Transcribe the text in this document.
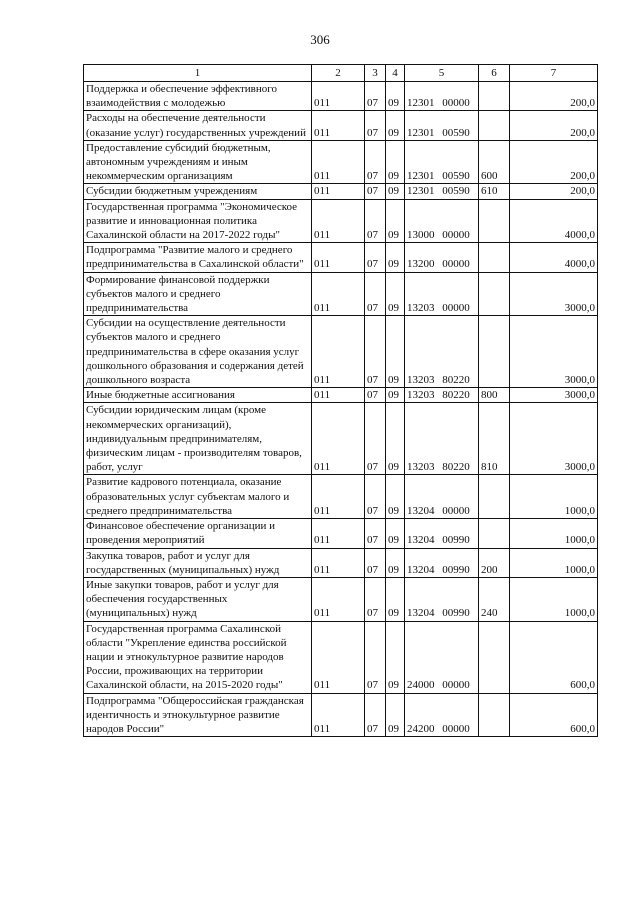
306
1	2	3	4	5	6	7
Поддержка и обеспечение эффективного взаимодействия с молодежью	011	07	09	12301 00000		200,0
Расходы на обеспечение деятельности (оказание услуг) государственных учреждений	011	07	09	12301 00590		200,0
Предоставление субсидий бюджетным, автономным учреждениям и иным некоммерческим организациям	011	07	09	12301 00590	600	200,0
Субсидии бюджетным учреждениям	011	07	09	12301 00590	610	200,0
Государственная программа "Экономическое развитие и инновационная политика Сахалинской области на 2017-2022 годы"	011	07	09	13000 00000		4000,0
Подпрограмма "Развитие малого и среднего предпринимательства в Сахалинской области"	011	07	09	13200 00000		4000,0
Формирование финансовой поддержки субъектов малого и среднего предпринимательства	011	07	09	13203 00000		3000,0
Субсидии на осуществление деятельности субъектов малого и среднего предпринимательства в сфере оказания услуг дошкольного образования и содержания детей дошкольного возраста	011	07	09	13203 80220		3000,0
Иные бюджетные ассигнования	011	07	09	13203 80220	800	3000,0
Субсидии юридическим лицам (кроме некоммерческих организаций), индивидуальным предпринимателям, физическим лицам - производителям товаров, работ, услуг	011	07	09	13203 80220	810	3000,0
Развитие кадрового потенциала, оказание образовательных услуг субъектам малого и среднего предпринимательства	011	07	09	13204 00000		1000,0
Финансовое обеспечение организации и проведения мероприятий	011	07	09	13204 00990		1000,0
Закупка товаров, работ и услуг для государственных (муниципальных) нужд	011	07	09	13204 00990	200	1000,0
Иные закупки товаров, работ и услуг для обеспечения государственных (муниципальных) нужд	011	07	09	13204 00990	240	1000,0
Государственная программа Сахалинской области "Укрепление единства российской нации и этнокультурное развитие народов России, проживающих на территории Сахалинской области, на 2015-2020 годы"	011	07	09	24000 00000		600,0
Подпрограмма "Общероссийская гражданская идентичность и этнокультурное развитие народов России"	011	07	09	24200 00000		600,0
